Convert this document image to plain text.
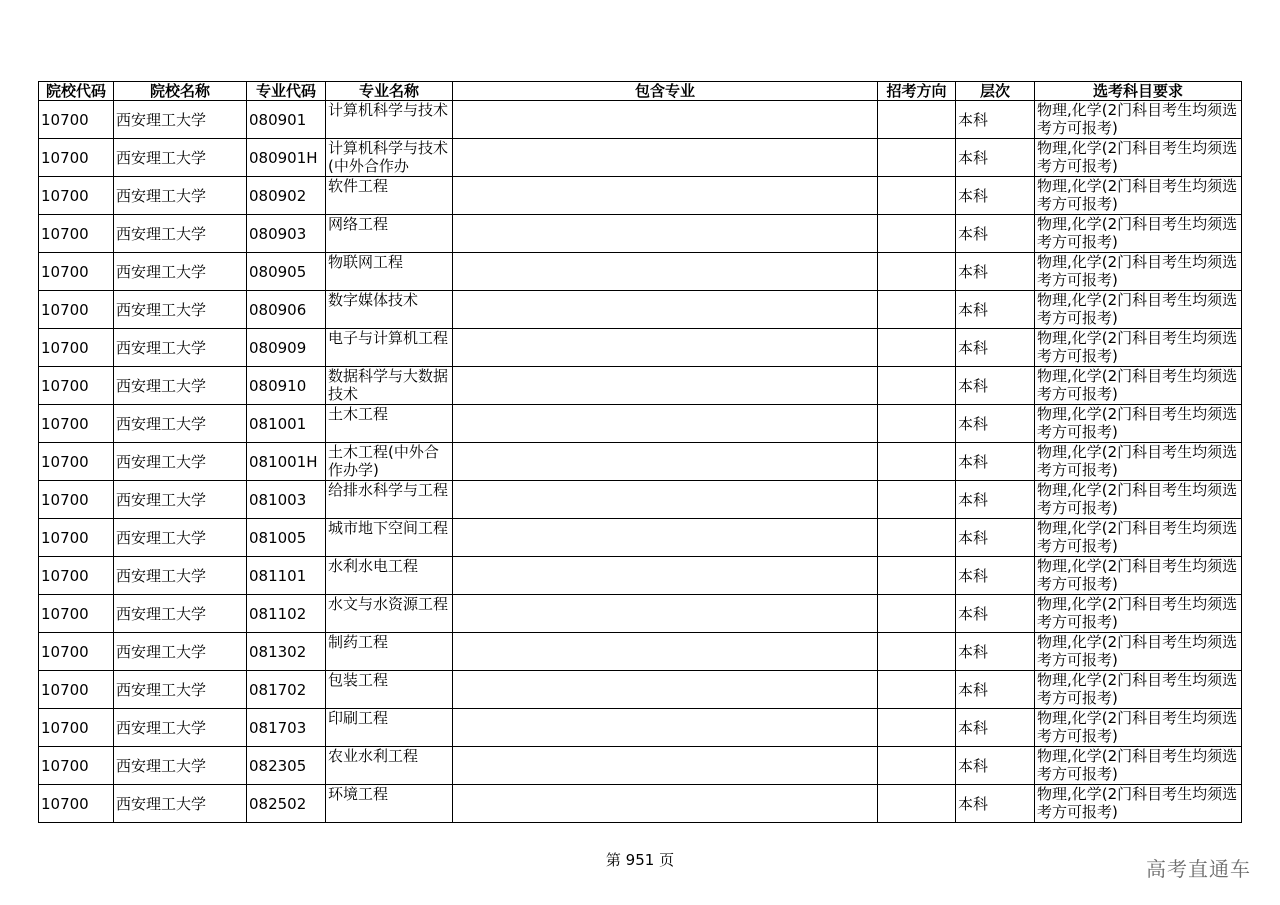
院校代码	院校名称	专业代码	专业名称	包含专业	招考方向	层次	选考科目要求
10700	西安理工大学	080901	计算机科学与技术			本科	物理,化学(2门科目考生均须选考方可报考)

10700	西安理工大学	080901H	计算机科学与技术(中外合作办			本科	物理,化学(2门科目考生均须选考方可报考)

10700	西安理工大学	080902	软件工程			本科	物理,化学(2门科目考生均须选考方可报考)

10700	西安理工大学	080903	网络工程			本科	物理,化学(2门科目考生均须选考方可报考)

10700	西安理工大学	080905	物联网工程			本科	物理,化学(2门科目考生均须选考方可报考)

10700	西安理工大学	080906	数字媒体技术			本科	物理,化学(2门科目考生均须选考方可报考)

10700	西安理工大学	080909	电子与计算机工程			本科	物理,化学(2门科目考生均须选考方可报考)

10700	西安理工大学	080910	数据科学与大数据技术			本科	物理,化学(2门科目考生均须选考方可报考)

10700	西安理工大学	081001	土木工程			本科	物理,化学(2门科目考生均须选考方可报考)

10700	西安理工大学	081001H	土木工程(中外合作办学)			本科	物理,化学(2门科目考生均须选考方可报考)

10700	西安理工大学	081003	给排水科学与工程			本科	物理,化学(2门科目考生均须选考方可报考)

10700	西安理工大学	081005	城市地下空间工程			本科	物理,化学(2门科目考生均须选考方可报考)

10700	西安理工大学	081101	水利水电工程			本科	物理,化学(2门科目考生均须选考方可报考)

10700	西安理工大学	081102	水文与水资源工程			本科	物理,化学(2门科目考生均须选考方可报考)

10700	西安理工大学	081302	制药工程			本科	物理,化学(2门科目考生均须选考方可报考)

10700	西安理工大学	081702	包装工程			本科	物理,化学(2门科目考生均须选考方可报考)

10700	西安理工大学	081703	印刷工程			本科	物理,化学(2门科目考生均须选考方可报考)

10700	西安理工大学	082305	农业水利工程			本科	物理,化学(2门科目考生均须选考方可报考)

10700	西安理工大学	082502	环境工程			本科	物理,化学(2门科目考生均须选考方可报考)
第 951 页	高考直通车
